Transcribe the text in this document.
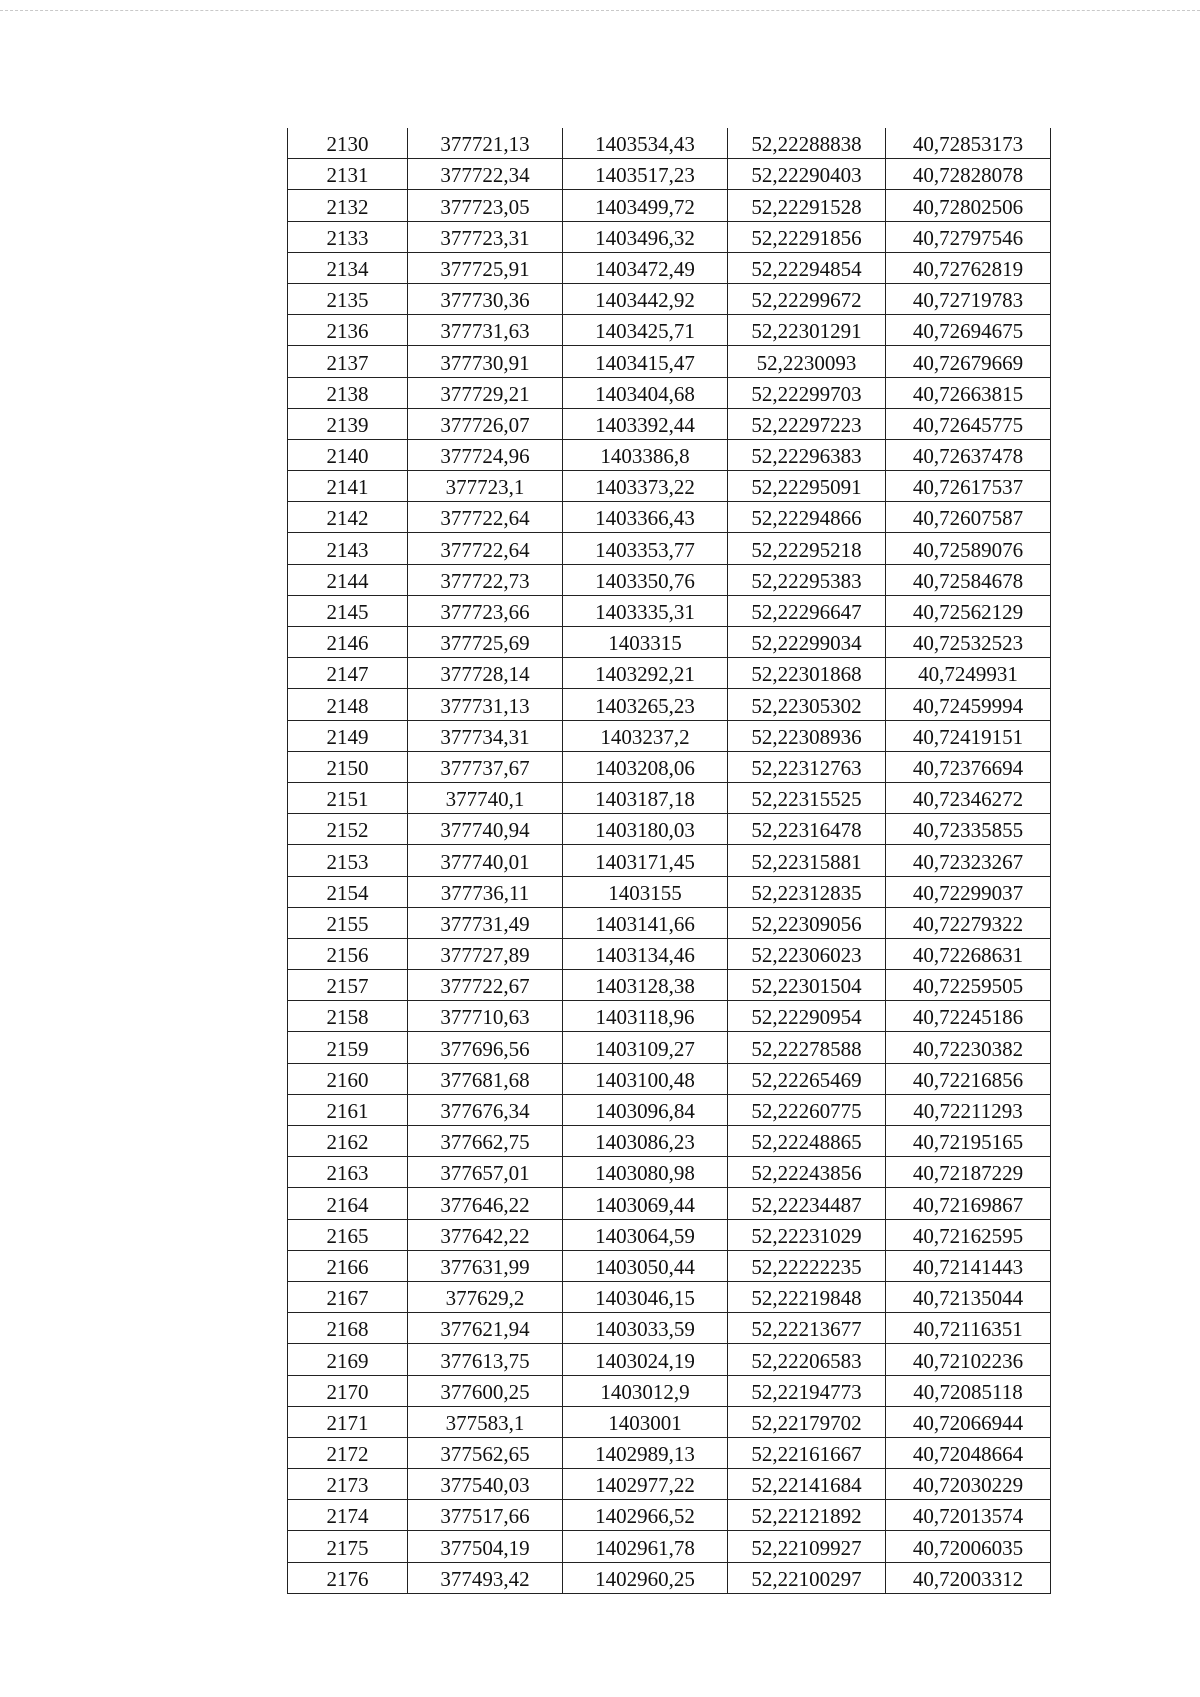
2130	377721,13	1403534,43	52,22288838	40,72853173
2131	377722,34	1403517,23	52,22290403	40,72828078
2132	377723,05	1403499,72	52,22291528	40,72802506
2133	377723,31	1403496,32	52,22291856	40,72797546
2134	377725,91	1403472,49	52,22294854	40,72762819
2135	377730,36	1403442,92	52,22299672	40,72719783
2136	377731,63	1403425,71	52,22301291	40,72694675
2137	377730,91	1403415,47	52,2230093	40,72679669
2138	377729,21	1403404,68	52,22299703	40,72663815
2139	377726,07	1403392,44	52,22297223	40,72645775
2140	377724,96	1403386,8	52,22296383	40,72637478
2141	377723,1	1403373,22	52,22295091	40,72617537
2142	377722,64	1403366,43	52,22294866	40,72607587
2143	377722,64	1403353,77	52,22295218	40,72589076
2144	377722,73	1403350,76	52,22295383	40,72584678
2145	377723,66	1403335,31	52,22296647	40,72562129
2146	377725,69	1403315	52,22299034	40,72532523
2147	377728,14	1403292,21	52,22301868	40,7249931
2148	377731,13	1403265,23	52,22305302	40,72459994
2149	377734,31	1403237,2	52,22308936	40,72419151
2150	377737,67	1403208,06	52,22312763	40,72376694
2151	377740,1	1403187,18	52,22315525	40,72346272
2152	377740,94	1403180,03	52,22316478	40,72335855
2153	377740,01	1403171,45	52,22315881	40,72323267
2154	377736,11	1403155	52,22312835	40,72299037
2155	377731,49	1403141,66	52,22309056	40,72279322
2156	377727,89	1403134,46	52,22306023	40,72268631
2157	377722,67	1403128,38	52,22301504	40,72259505
2158	377710,63	1403118,96	52,22290954	40,72245186
2159	377696,56	1403109,27	52,22278588	40,72230382
2160	377681,68	1403100,48	52,22265469	40,72216856
2161	377676,34	1403096,84	52,22260775	40,72211293
2162	377662,75	1403086,23	52,22248865	40,72195165
2163	377657,01	1403080,98	52,22243856	40,72187229
2164	377646,22	1403069,44	52,22234487	40,72169867
2165	377642,22	1403064,59	52,22231029	40,72162595
2166	377631,99	1403050,44	52,22222235	40,72141443
2167	377629,2	1403046,15	52,22219848	40,72135044
2168	377621,94	1403033,59	52,22213677	40,72116351
2169	377613,75	1403024,19	52,22206583	40,72102236
2170	377600,25	1403012,9	52,22194773	40,72085118
2171	377583,1	1403001	52,22179702	40,72066944
2172	377562,65	1402989,13	52,22161667	40,72048664
2173	377540,03	1402977,22	52,22141684	40,72030229
2174	377517,66	1402966,52	52,22121892	40,72013574
2175	377504,19	1402961,78	52,22109927	40,72006035
2176	377493,42	1402960,25	52,22100297	40,72003312
